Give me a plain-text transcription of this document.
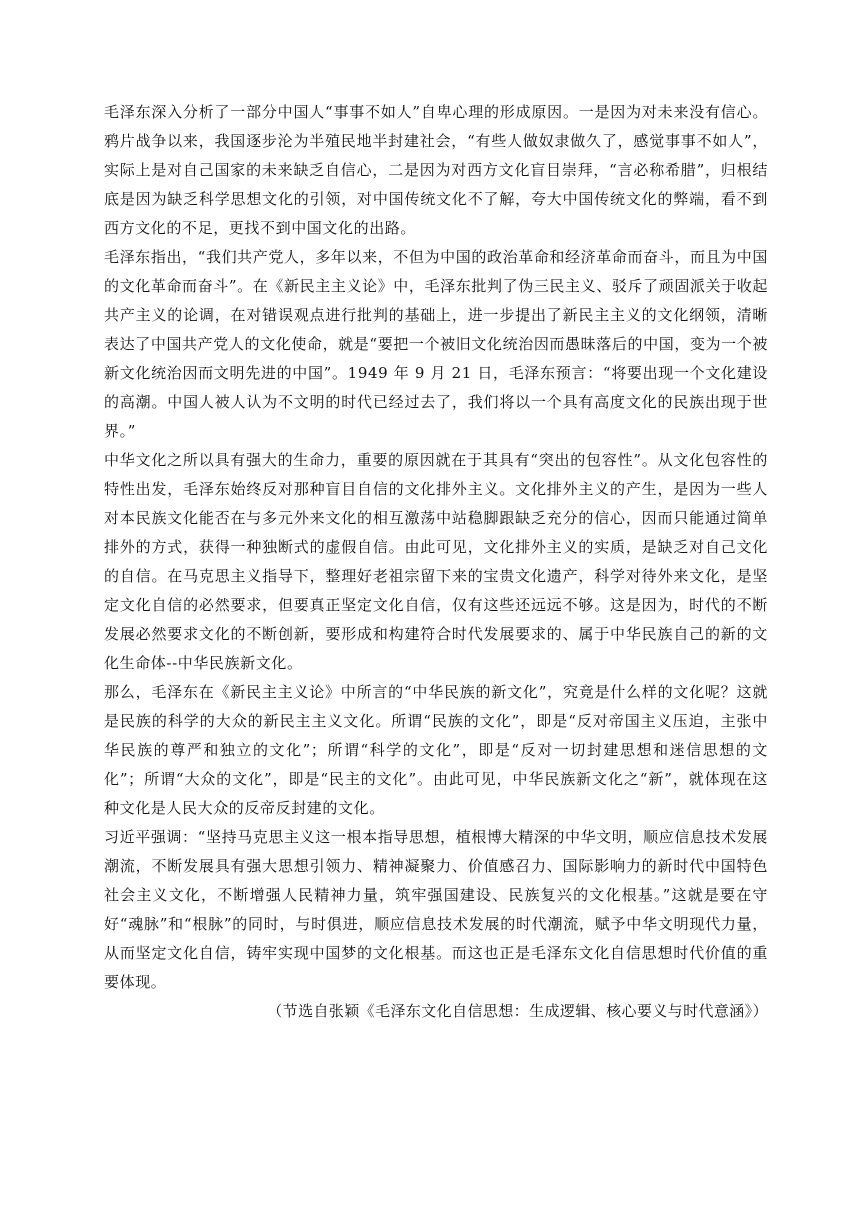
毛泽东深入分析了一部分中国人“事事不如人”自卑心理的形成原因。一是因为对未来没有信心。鸦片战争以来，我国逐步沦为半殖民地半封建社会，“有些人做奴隶做久了，感觉事事不如人”，实际上是对自己国家的未来缺乏自信心，二是因为对西方文化盲目崇拜，“言必称希腊”，归根结底是因为缺乏科学思想文化的引领，对中国传统文化不了解，夸大中国传统文化的弊端，看不到西方文化的不足，更找不到中国文化的出路。

毛泽东指出，“我们共产党人，多年以来，不但为中国的政治革命和经济革命而奋斗，而且为中国的文化革命而奋斗”。在《新民主主义论》中，毛泽东批判了伪三民主义、驳斥了顽固派关于收起共产主义的论调，在对错误观点进行批判的基础上，进一步提出了新民主主义的文化纲领，清晰表达了中国共产党人的文化使命，就是“要把一个被旧文化统治因而愚昧落后的中国，变为一个被新文化统治因而文明先进的中国”。1949 年 9 月 21 日，毛泽东预言：“将要出现一个文化建设的高潮。中国人被人认为不文明的时代已经过去了，我们将以一个具有高度文化的民族出现于世界。”

中华文化之所以具有强大的生命力，重要的原因就在于其具有“突出的包容性”。从文化包容性的特性出发，毛泽东始终反对那种盲目自信的文化排外主义。文化排外主义的产生，是因为一些人对本民族文化能否在与多元外来文化的相互激荡中站稳脚跟缺乏充分的信心，因而只能通过简单排外的方式，获得一种独断式的虚假自信。由此可见，文化排外主义的实质，是缺乏对自己文化的自信。在马克思主义指导下，整理好老祖宗留下来的宝贵文化遗产，科学对待外来文化，是坚定文化自信的必然要求，但要真正坚定文化自信，仅有这些还远远不够。这是因为，时代的不断发展必然要求文化的不断创新，要形成和构建符合时代发展要求的、属于中华民族自己的新的文化生命体--中华民族新文化。

那么，毛泽东在《新民主主义论》中所言的“中华民族的新文化”，究竟是什么样的文化呢？这就是民族的科学的大众的新民主主义文化。所谓“民族的文化”，即是“反对帝国主义压迫，主张中华民族的尊严和独立的文化”；所谓“科学的文化”，即是“反对一切封建思想和迷信思想的文化”；所谓“大众的文化”，即是“民主的文化”。由此可见，中华民族新文化之“新”，就体现在这种文化是人民大众的反帝反封建的文化。

习近平强调：“坚持马克思主义这一根本指导思想，植根博大精深的中华文明，顺应信息技术发展潮流，不断发展具有强大思想引领力、精神凝聚力、价值感召力、国际影响力的新时代中国特色社会主义文化，不断增强人民精神力量，筑牢强国建设、民族复兴的文化根基。”这就是要在守好“魂脉”和“根脉”的同时，与时俱进，顺应信息技术发展的时代潮流，赋予中华文明现代力量，从而坚定文化自信，铸牢实现中国梦的文化根基。而这也正是毛泽东文化自信思想时代价值的重要体现。

（节选自张颖《毛泽东文化自信思想：生成逻辑、核心要义与时代意涵》）
